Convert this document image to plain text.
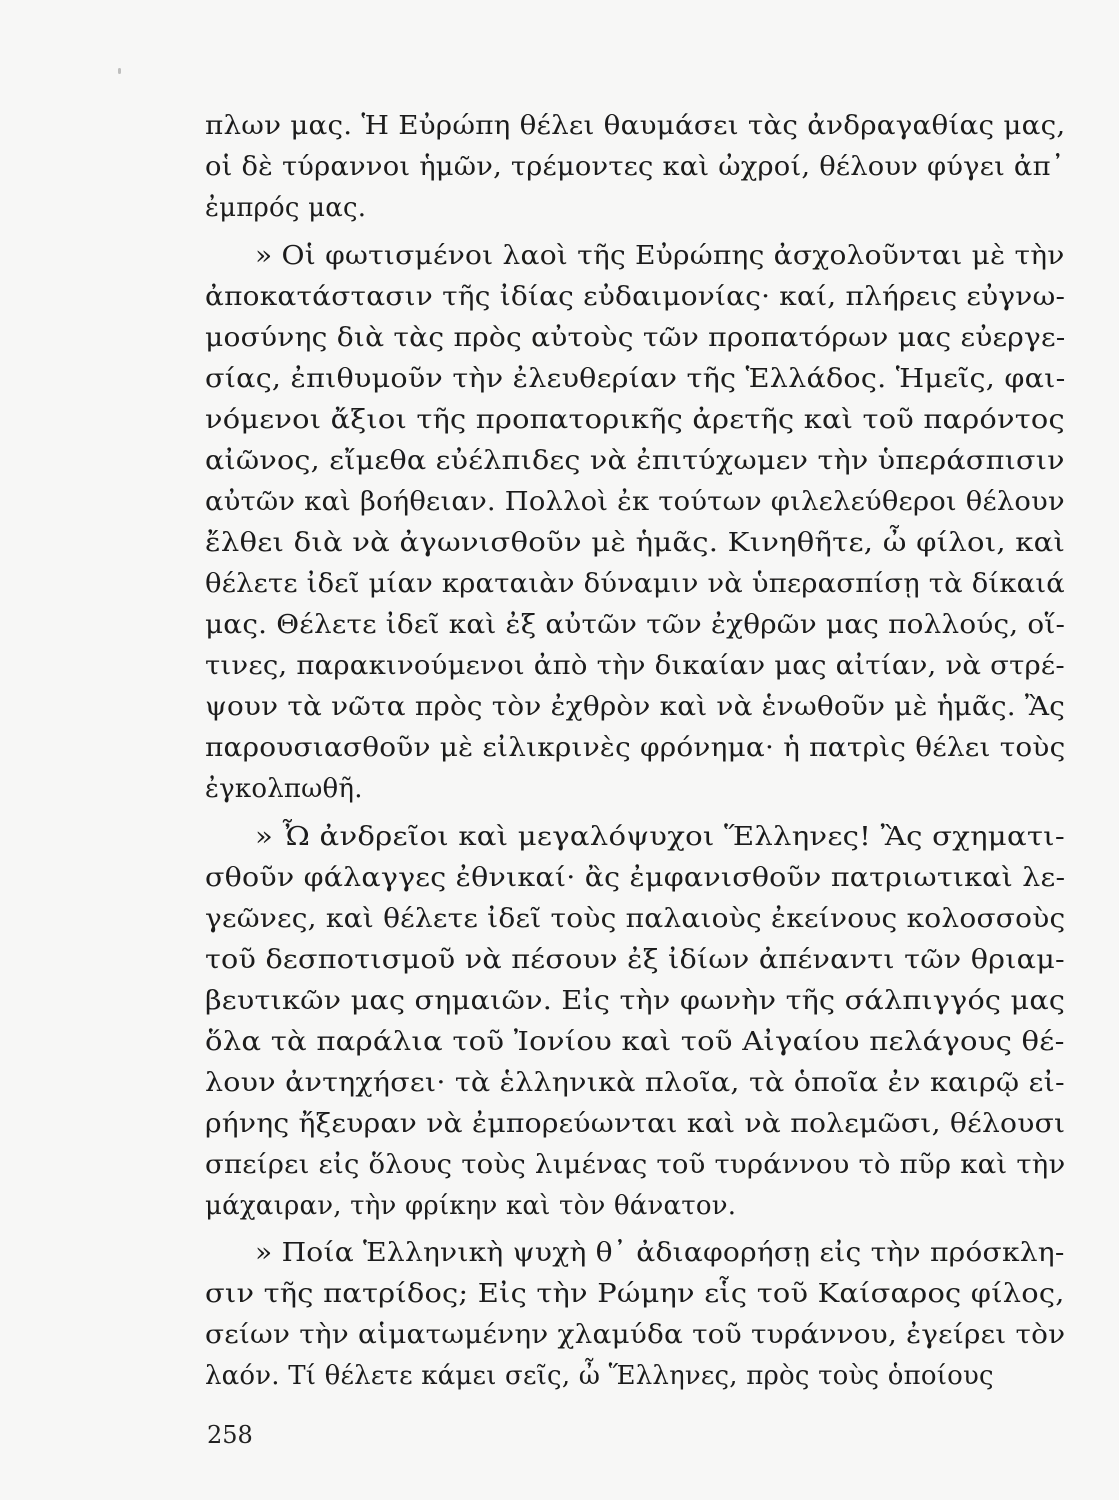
πλων μας. Ἡ Εὐρώπη θέλει θαυμάσει τὰς ἀνδραγαθίας μας,
οἱ δὲ τύραννοι ἡμῶν, τρέμοντες καὶ ὠχροί, θέλουν φύγει ἀπ᾽
ἐμπρός μας.
» Οἱ φωτισμένοι λαοὶ τῆς Εὐρώπης ἀσχολοῦνται μὲ τὴν
ἀποκατάστασιν τῆς ἰδίας εὐδαιμονίας· καί, πλήρεις εὐγνω-
μοσύνης διὰ τὰς πρὸς αὐτοὺς τῶν προπατόρων μας εὐεργε-
σίας, ἐπιθυμοῦν τὴν ἐλευθερίαν τῆς Ἑλλάδος. Ἡμεῖς, φαι-
νόμενοι ἄξιοι τῆς προπατορικῆς ἀρετῆς καὶ τοῦ παρόντος
αἰῶνος, εἴμεθα εὐέλπιδες νὰ ἐπιτύχωμεν τὴν ὑπεράσπισιν
αὐτῶν καὶ βοήθειαν. Πολλοὶ ἐκ τούτων φιλελεύθεροι θέλουν
ἔλθει διὰ νὰ ἀγωνισθοῦν μὲ ἡμᾶς. Κινηθῆτε, ὦ φίλοι, καὶ
θέλετε ἰδεῖ μίαν κραταιὰν δύναμιν νὰ ὑπερασπίσῃ τὰ δίκαιά
μας. Θέλετε ἰδεῖ καὶ ἐξ αὐτῶν τῶν ἐχθρῶν μας πολλούς, οἵ-
τινες, παρακινούμενοι ἀπὸ τὴν δικαίαν μας αἰτίαν, νὰ στρέ-
ψουν τὰ νῶτα πρὸς τὸν ἐχθρὸν καὶ νὰ ἑνωθοῦν μὲ ἡμᾶς. Ἂς
παρουσιασθοῦν μὲ εἰλικρινὲς φρόνημα· ἡ πατρὶς θέλει τοὺς
ἐγκολπωθῆ.
» Ὦ ἀνδρεῖοι καὶ μεγαλόψυχοι Ἕλληνες! Ἂς σχηματι-
σθοῦν φάλαγγες ἐθνικαί· ἂς ἐμφανισθοῦν πατριωτικαὶ λε-
γεῶνες, καὶ θέλετε ἰδεῖ τοὺς παλαιοὺς ἐκείνους κολοσσοὺς
τοῦ δεσποτισμοῦ νὰ πέσουν ἐξ ἰδίων ἀπέναντι τῶν θριαμ-
βευτικῶν μας σημαιῶν. Εἰς τὴν φωνὴν τῆς σάλπιγγός μας
ὅλα τὰ παράλια τοῦ Ἰονίου καὶ τοῦ Αἰγαίου πελάγους θέ-
λουν ἀντηχήσει· τὰ ἑλληνικὰ πλοῖα, τὰ ὁποῖα ἐν καιρῷ εἰ-
ρήνης ἤξευραν νὰ ἐμπορεύωνται καὶ νὰ πολεμῶσι, θέλουσι
σπείρει εἰς ὅλους τοὺς λιμένας τοῦ τυράννου τὸ πῦρ καὶ τὴν
μάχαιραν, τὴν φρίκην καὶ τὸν θάνατον.
» Ποία Ἑλληνικὴ ψυχὴ θ᾽ ἀδιαφορήσῃ εἰς τὴν πρόσκλη-
σιν τῆς πατρίδος; Εἰς τὴν Ρώμην εἷς τοῦ Καίσαρος φίλος,
σείων τὴν αἱματωμένην χλαμύδα τοῦ τυράννου, ἐγείρει τὸν
λαόν. Τί θέλετε κάμει σεῖς, ὦ Ἕλληνες, πρὸς τοὺς ὁποίους
258
